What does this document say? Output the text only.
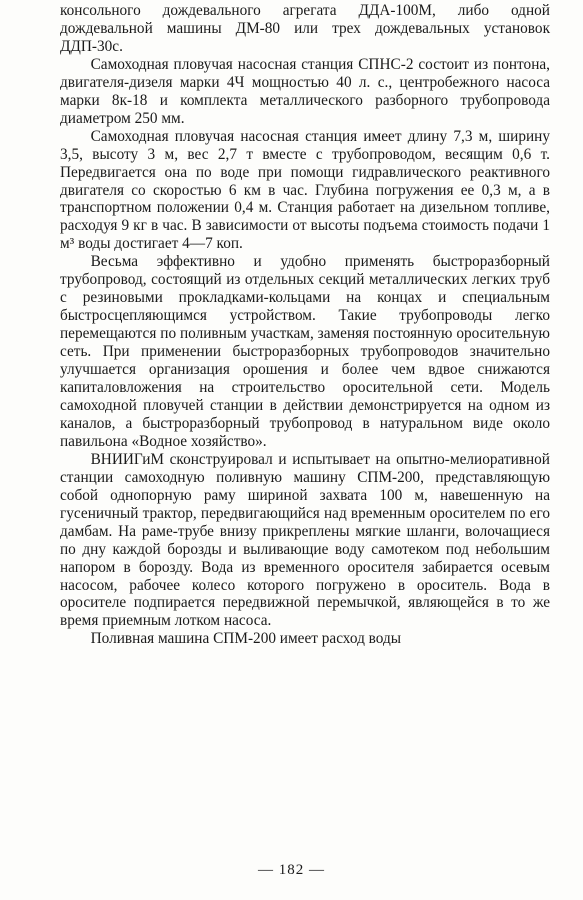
консольного дождевального агрегата ДДА-100М, либо одной дождевальной машины ДМ-80 или трех дождевальных установок ДДП-30с.

Самоходная пловучая насосная станция СПНС-2 состоит из понтона, двигателя-дизеля марки 4Ч мощностью 40 л. с., центробежного насоса марки 8к-18 и комплекта металлического разборного трубопровода диаметром 250 мм.

Самоходная пловучая насосная станция имеет длину 7,3 м, ширину 3,5, высоту 3 м, вес 2,7 т вместе с трубопроводом, весящим 0,6 т. Передвигается она по воде при помощи гидравлического реактивного двигателя со скоростью 6 км в час. Глубина погружения ее 0,3 м, а в транспортном положении 0,4 м. Станция работает на дизельном топливе, расходуя 9 кг в час. В зависимости от высоты подъема стоимость подачи 1 м³ воды достигает 4—7 коп.

Весьма эффективно и удобно применять быстроразборный трубопровод, состоящий из отдельных секций металлических легких труб с резиновыми прокладками-кольцами на концах и специальным быстросцепляющимся устройством. Такие трубопроводы легко перемещаются по поливным участкам, заменяя постоянную оросительную сеть. При применении быстроразборных трубопроводов значительно улучшается организация орошения и более чем вдвое снижаются капиталовложения на строительство оросительной сети. Модель самоходной пловучей станции в действии демонстрируется на одном из каналов, а быстроразборный трубопровод в натуральном виде около павильона «Водное хозяйство».

ВНИИГиМ сконструировал и испытывает на опытно-мелиоративной станции самоходную поливную машину СПМ-200, представляющую собой однопорную раму шириной захвата 100 м, навешенную на гусеничный трактор, передвигающийся над временным оросителем по его дамбам. На раме-трубе внизу прикреплены мягкие шланги, волочащиеся по дну каждой борозды и выливающие воду самотеком под небольшим напором в борозду. Вода из временного оросителя забирается осевым насосом, рабочее колесо которого погружено в ороситель. Вода в оросителе подпирается передвижной перемычкой, являющейся в то же время приемным лотком насоса.

Поливная машина СПМ-200 имеет расход воды

— 182 —
